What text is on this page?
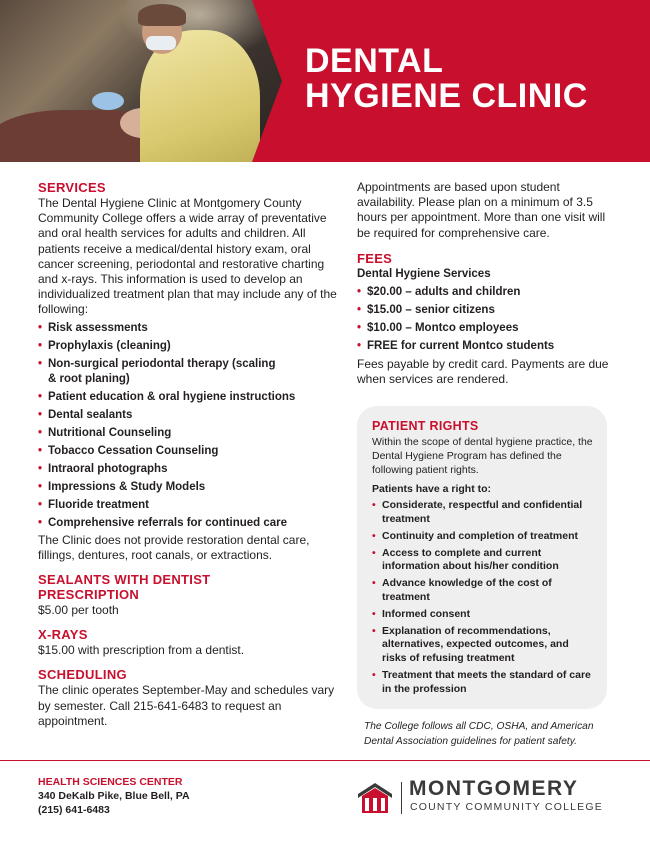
DENTAL
HYGIENE CLINIC
SERVICES

The Dental Hygiene Clinic at Montgomery County Community College offers a wide array of preventative and oral health services for adults and children. All patients receive a medical/dental history exam, oral cancer screening, periodontal and restorative charting and x-rays. This information is used to develop an individualized treatment plan that may include any of the following:

• Risk assessments
• Prophylaxis (cleaning)
• Non-surgical periodontal therapy (scaling & root planing)
• Patient education & oral hygiene instructions
• Dental sealants
• Nutritional Counseling
• Tobacco Cessation Counseling
• Intraoral photographs
• Impressions & Study Models
• Fluoride treatment
• Comprehensive referrals for continued care

The Clinic does not provide restoration dental care, fillings, dentures, root canals, or extractions.

SEALANTS WITH DENTIST PRESCRIPTION

$5.00 per tooth

X-RAYS

$15.00 with prescription from a dentist.

SCHEDULING

The clinic operates September-May and schedules vary by semester. Call 215-641-6483 to request an appointment.

Appointments are based upon student availability. Please plan on a minimum of 3.5 hours per appointment. More than one visit will be required for comprehensive care.

FEES
Dental Hygiene Services
• $20.00 – adults and children
• $15.00 – senior citizens
• $10.00 – Montco employees
• FREE for current Montco students

Fees payable by credit card. Payments are due when services are rendered.

PATIENT RIGHTS

Within the scope of dental hygiene practice, the Dental Hygiene Program has defined the following patient rights.

Patients have a right to:
• Considerate, respectful and confidential treatment
• Continuity and completion of treatment
• Access to complete and current information about his/her condition
• Advance knowledge of the cost of treatment
• Informed consent
• Explanation of recommendations, alternatives, expected outcomes, and risks of refusing treatment
• Treatment that meets the standard of care in the profession

The College follows all CDC, OSHA, and American Dental Association guidelines for patient safety.

HEALTH SCIENCES CENTER
340 DeKalb Pike, Blue Bell, PA
(215) 641-6483
MONTGOMERY
COUNTY COMMUNITY COLLEGE
